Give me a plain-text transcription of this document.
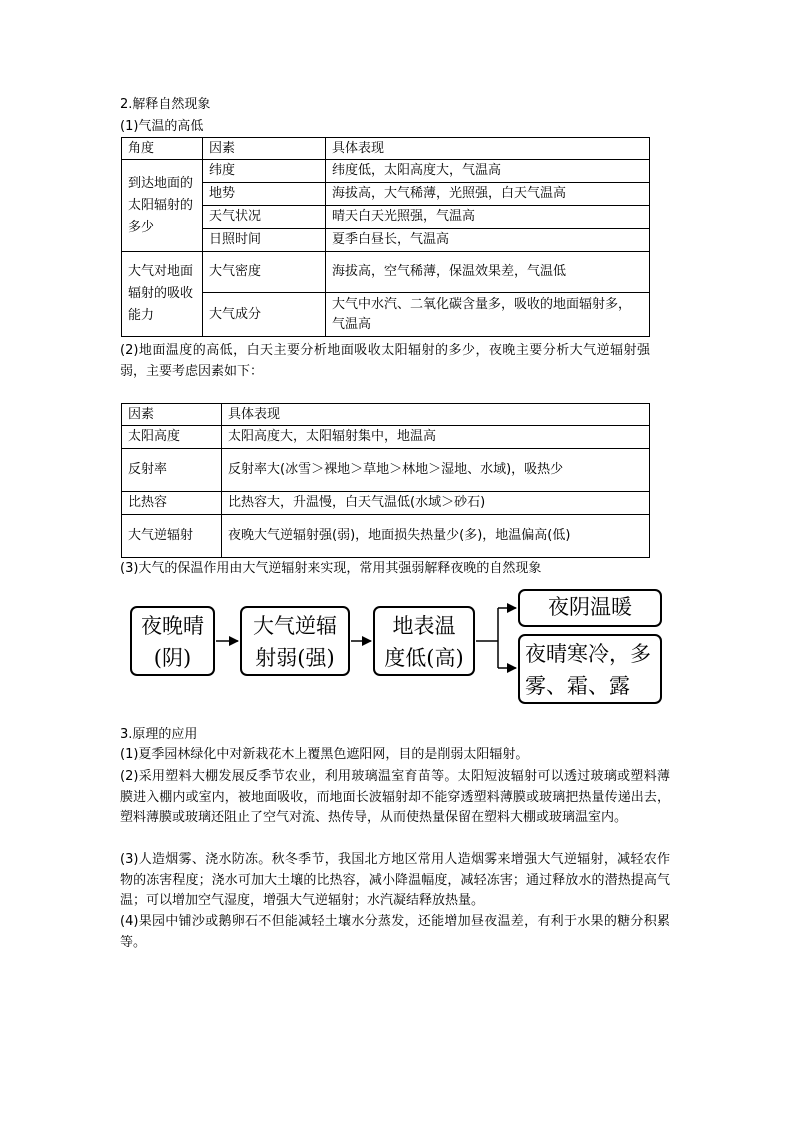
2.解释自然现象
(1)气温的高低
角度	因素	具体表现
到达地面的太阳辐射的多少	纬度	纬度低，太阳高度大，气温高
	地势	海拔高，大气稀薄，光照强，白天气温高
	天气状况	晴天白天光照强，气温高
	日照时间	夏季白昼长，气温高
大气对地面辐射的吸收能力	大气密度	海拔高，空气稀薄，保温效果差，气温低
	大气成分	大气中水汽、二氧化碳含量多，吸收的地面辐射多，气温高
(2)地面温度的高低，白天主要分析地面吸收太阳辐射的多少，夜晚主要分析大气逆辐射强弱，主要考虑因素如下：
因素	具体表现
太阳高度	太阳高度大，太阳辐射集中，地温高
反射率	反射率大(冰雪＞裸地＞草地＞林地＞湿地、水域)，吸热少
比热容	比热容大，升温慢，白天气温低(水域＞砂石)
大气逆辐射	夜晚大气逆辐射强(弱)，地面损失热量少(多)，地温偏高(低)
(3)大气的保温作用由大气逆辐射来实现，常用其强弱解释夜晚的自然现象
夜晚晴
(阴)
大气逆辐
射弱(强)
地表温
度低(高)
夜阴温暖
夜晴寒冷，多
雾、霜、露
3.原理的应用
(1)夏季园林绿化中对新栽花木上覆黑色遮阳网，目的是削弱太阳辐射。
(2)采用塑料大棚发展反季节农业，利用玻璃温室育苗等。太阳短波辐射可以透过玻璃或塑料薄膜进入棚内或室内，被地面吸收，而地面长波辐射却不能穿透塑料薄膜或玻璃把热量传递出去，塑料薄膜或玻璃还阻止了空气对流、热传导，从而使热量保留在塑料大棚或玻璃温室内。
(3)人造烟雾、浇水防冻。秋冬季节，我国北方地区常用人造烟雾来增强大气逆辐射，减轻农作物的冻害程度；浇水可加大土壤的比热容，减小降温幅度，减轻冻害；通过释放水的潜热提高气温；可以增加空气湿度，增强大气逆辐射；水汽凝结释放热量。
(4)果园中铺沙或鹅卵石不但能减轻土壤水分蒸发，还能增加昼夜温差，有利于水果的糖分积累等。
